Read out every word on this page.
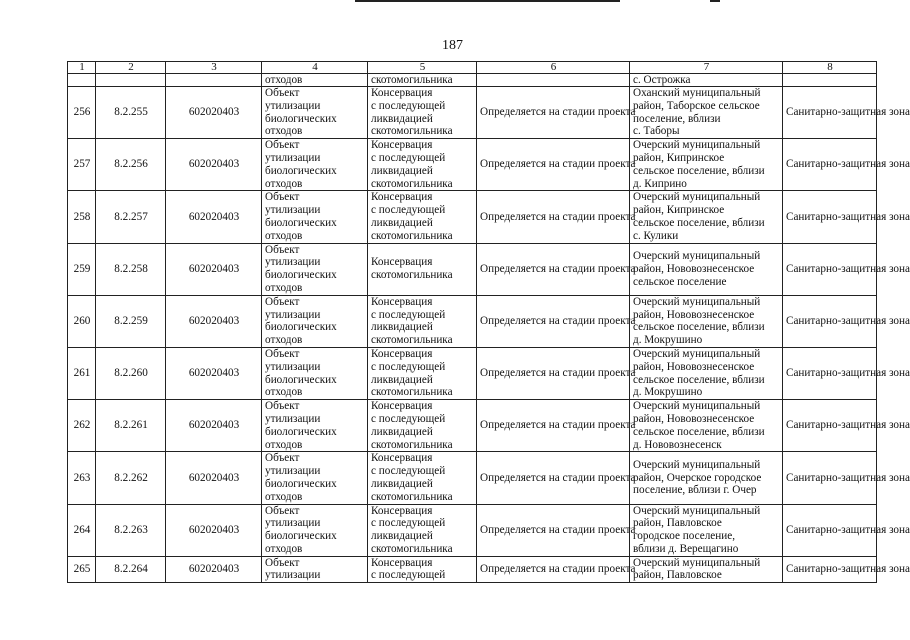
187
1	2	3	4	5	6	7	8
			отходов	скотомогильника		с. Острожка	
256	8.2.255	602020403	Объект
утилизации
биологических
отходов	Консервация
с последующей
ликвидацией
скотомогильника	Определяется на стадии проекта	Оханский муниципальный
район, Таборское сельское
поселение, вблизи
с. Таборы	Санитарно-защитная зона
257	8.2.256	602020403	Объект
утилизации
биологических
отходов	Консервация
с последующей
ликвидацией
скотомогильника	Определяется на стадии проекта	Очерский муниципальный
район, Кипринское
сельское поселение, вблизи
д. Киприно	Санитарно-защитная зона
258	8.2.257	602020403	Объект
утилизации
биологических
отходов	Консервация
с последующей
ликвидацией
скотомогильника	Определяется на стадии проекта	Очерский муниципальный
район, Кипринское
сельское поселение, вблизи
с. Кулики	Санитарно-защитная зона
259	8.2.258	602020403	Объект
утилизации
биологических
отходов	Консервация
скотомогильника	Определяется на стадии проекта	Очерский муниципальный
район, Нововознесенское
сельское поселение	Санитарно-защитная зона
260	8.2.259	602020403	Объект
утилизации
биологических
отходов	Консервация
с последующей
ликвидацией
скотомогильника	Определяется на стадии проекта	Очерский муниципальный
район, Нововознесенское
сельское поселение, вблизи
д. Мокрушино	Санитарно-защитная зона
261	8.2.260	602020403	Объект
утилизации
биологических
отходов	Консервация
с последующей
ликвидацией
скотомогильника	Определяется на стадии проекта	Очерский муниципальный
район, Нововознесенское
сельское поселение, вблизи
д. Мокрушино	Санитарно-защитная зона
262	8.2.261	602020403	Объект
утилизации
биологических
отходов	Консервация
с последующей
ликвидацией
скотомогильника	Определяется на стадии проекта	Очерский муниципальный
район, Нововознесенское
сельское поселение, вблизи
д. Нововознесенск	Санитарно-защитная зона
263	8.2.262	602020403	Объект
утилизации
биологических
отходов	Консервация
с последующей
ликвидацией
скотомогильника	Определяется на стадии проекта	Очерский муниципальный
район, Очерское городское
поселение, вблизи г. Очер	Санитарно-защитная зона
264	8.2.263	602020403	Объект
утилизации
биологических
отходов	Консервация
с последующей
ликвидацией
скотомогильника	Определяется на стадии проекта	Очерский муниципальный
район, Павловское
городское поселение,
вблизи д. Верещагино	Санитарно-защитная зона
265	8.2.264	602020403	Объект
утилизации	Консервация
с последующей	Определяется на стадии проекта	Очерский муниципальный
район, Павловское	Санитарно-защитная зона
